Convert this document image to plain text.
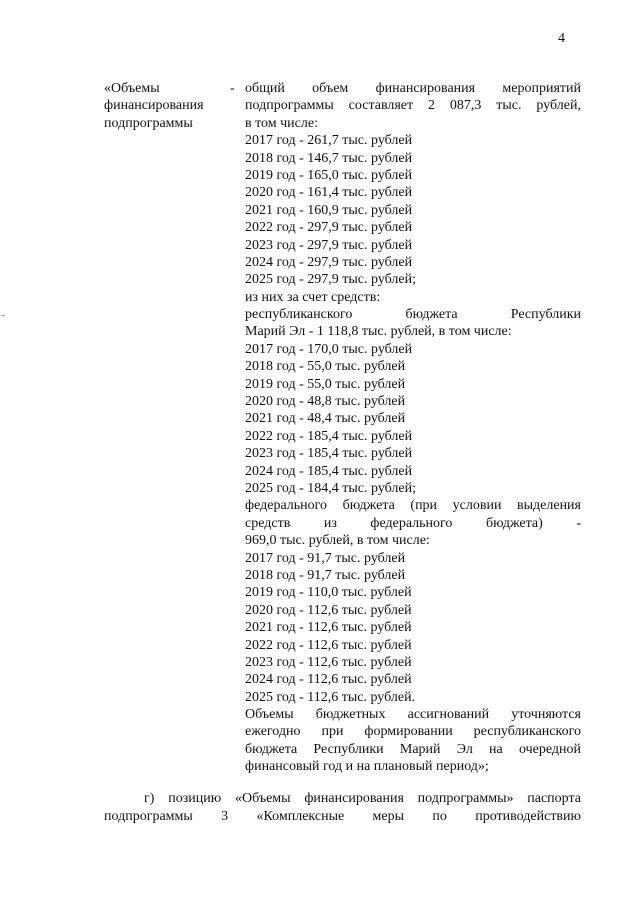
4
«Объемы
финансирования
подпрограммы
- общий объем финансирования мероприятий
подпрограммы составляет 2 087,3 тыс. рублей,
в том числе:
2017 год - 261,7 тыс. рублей
2018 год - 146,7 тыс. рублей
2019 год - 165,0 тыс. рублей
2020 год - 161,4 тыс. рублей
2021 год - 160,9 тыс. рублей
2022 год - 297,9 тыс. рублей
2023 год - 297,9 тыс. рублей
2024 год - 297,9 тыс. рублей
2025 год - 297,9 тыс. рублей;
из них за счет средств:
республиканского бюджета Республики
Марий Эл - 1 118,8 тыс. рублей, в том числе:
2017 год - 170,0 тыс. рублей
2018 год - 55,0 тыс. рублей
2019 год - 55,0 тыс. рублей
2020 год - 48,8 тыс. рублей
2021 год - 48,4 тыс. рублей
2022 год - 185,4 тыс. рублей
2023 год - 185,4 тыс. рублей
2024 год - 185,4 тыс. рублей
2025 год - 184,4 тыс. рублей;
федерального бюджета (при условии выделения
средств из федерального бюджета) -
969,0 тыс. рублей, в том числе:
2017 год - 91,7 тыс. рублей
2018 год - 91,7 тыс. рублей
2019 год - 110,0 тыс. рублей
2020 год - 112,6 тыс. рублей
2021 год - 112,6 тыс. рублей
2022 год - 112,6 тыс. рублей
2023 год - 112,6 тыс. рублей
2024 год - 112,6 тыс. рублей
2025 год - 112,6 тыс. рублей.
Объемы бюджетных ассигнований уточняются
ежегодно при формировании республиканского
бюджета Республики Марий Эл на очередной
финансовый год и на плановый период»;
г) позицию «Объемы финансирования подпрограммы» паспорта
подпрограммы 3 «Комплексные меры по противодействию
